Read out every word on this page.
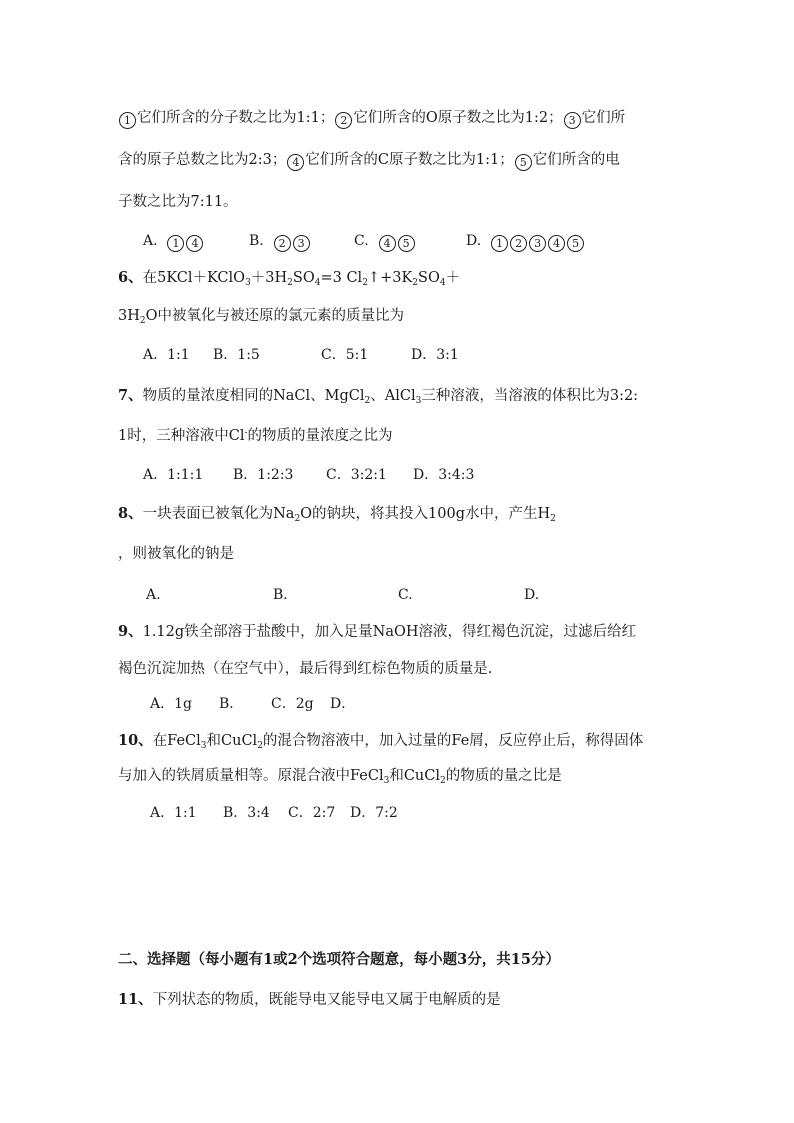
1 它们所含的分子数之比为1:1； 2 它们所含的O原子数之比为1:2； 3 它们所
含的原子总数之比为2:3； 4 它们所含的C原子数之比为1:1； 5 它们所含的电
子数之比为7:11。
A. 1 4	B. 2 3	C. 4 5	D. 1 2 3 4 5
6、在$5KCl+KClO_3+3H_2SO_4=3$ $Cl_2↑+3K_2SO_4+$
$3H_2O$中被氧化与被还原的氯元素的质量比为
A．1:1 B．1:5	C．5:1	D．3:1
7、物质的量浓度相同的NaCl、MgCl$_2$、AlCl$_3$三种溶液，当溶液的体积比为3:2:
1时，三种溶液中Cl-的物质的量浓度之比为
A．1:1:1 B．1:2:3 C．3:2:1 D．3:4:3
8、一块表面已被氧化为$Na_2O$的钠块，将其投入100g水中，产生$H_2$
，则被氧化的钠是
A.	B.	C.	D.
9、1.12g铁全部溶于盐酸中，加入足量NaOH溶液，得红褐色沉淀，过滤后给红
褐色沉淀加热（在空气中），最后得到红棕色物质的质量是.
A．1g B． C．2g D．
10、在FeCl$_3$和CuCl$_2$的混合物溶液中，加入过量的Fe屑，反应停止后，称得固体
与加入的铁屑质量相等。原混合液中FeCl$_3$和CuCl$_2$的物质的量之比是
A．1:1 B．3:4 C．2:7 D．7:2
二、选择题（每小题有1或2个选项符合题意，每小题3分，共15分）
11、下列状态的物质，既能导电又能导电又属于电解质的是
